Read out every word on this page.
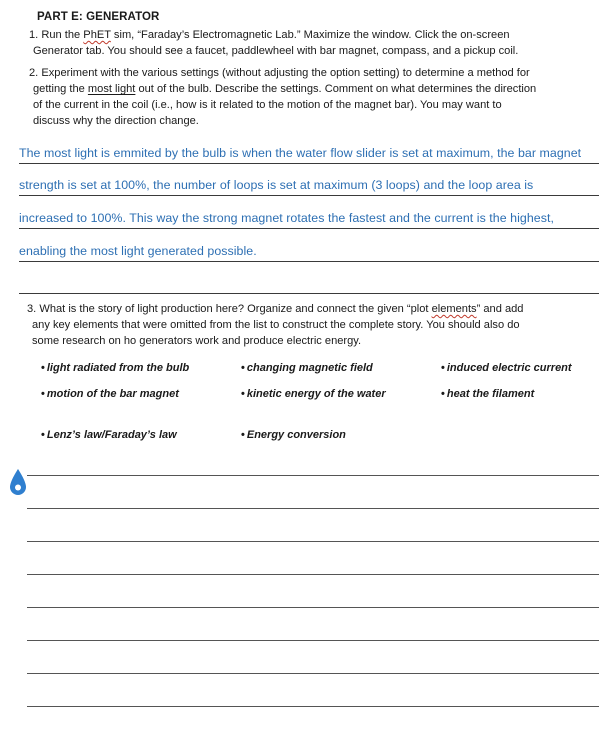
PART E: GENERATOR
1. Run the PhET sim, “Faraday’s Electromagnetic Lab.” Maximize the window. Click the on-screen
Generator tab. You should see a faucet, paddlewheel with bar magnet, compass, and a pickup coil.
2. Experiment with the various settings (without adjusting the option setting) to determine a method for
getting the most light out of the bulb. Describe the settings. Comment on what determines the direction
of the current in the coil (i.e., how is it related to the motion of the magnet bar). You may want to
discuss why the direction change.
The most light is emmited by the bulb is when the water flow slider is set at maximum, the bar magnet
strength is set at 100%, the number of loops is set at maximum (3 loops) and the loop area is
increased to 100%. This way the strong magnet rotates the fastest and the current is the highest,
enabling the most light generated possible.
3. What is the story of light production here? Organize and connect the given “plot elements” and add
any key elements that were omitted from the list to construct the complete story. You should also do
some research on ho generators work and produce electric energy.
• light radiated from the bulb	• changing magnetic field	• induced electric current
• motion of the bar magnet	• kinetic energy of the water	• heat the filament
• Lenz’s law/Faraday’s law	• Energy conversion
